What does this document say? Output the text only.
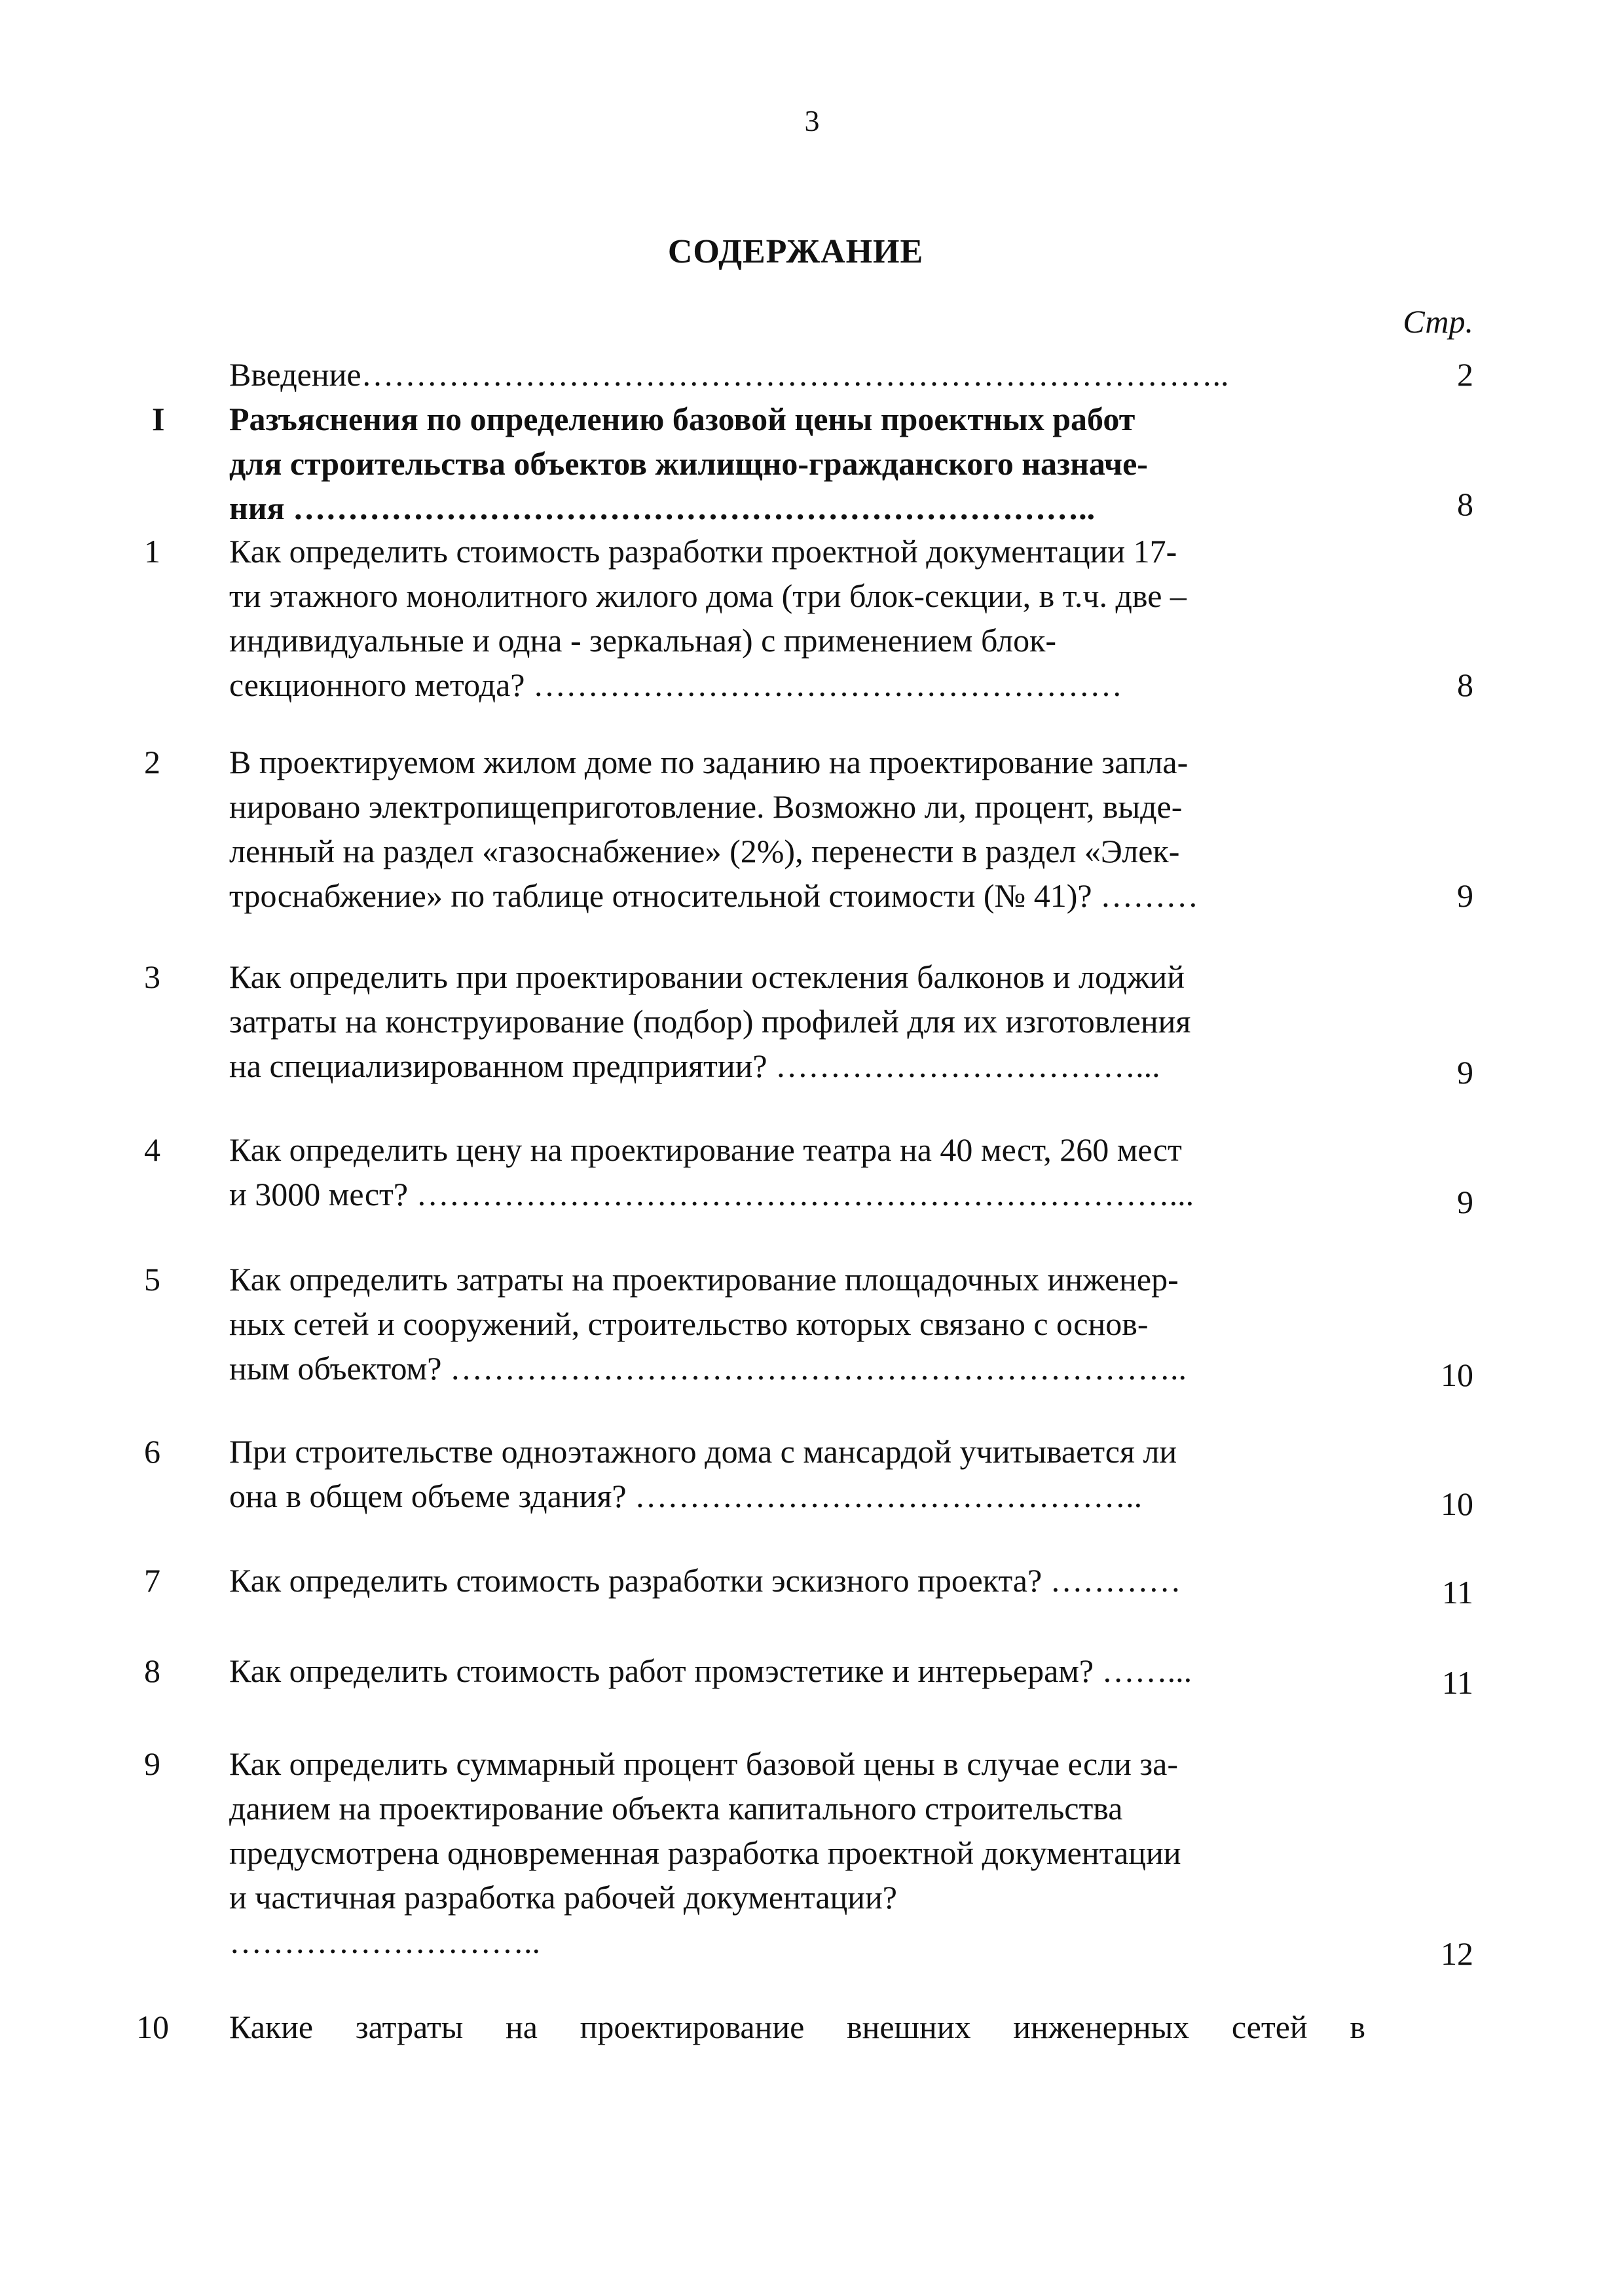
3
СОДЕРЖАНИЕ
Стр.
Введение……………………………………………………………………..	2
I	Разъяснения по определению базовой цены проектных работ
для строительства объектов жилищно-гражданского назначе-

ния ………………………………………………………………..	8
1	Как определить стоимость разработки проектной документации 17-
ти этажного монолитного жилого дома (три блок-секции, в т.ч. две –
индивидуальные и одна - зеркальная) с применением блок-

секционного метода? ………………………………………………	8
2	В проектируемом жилом доме по заданию на проектирование запла-
нировано электропищеприготовление. Возможно ли, процент, выде-
ленный на раздел «газоснабжение» (2%), перенести в раздел «Элек-

троснабжение» по таблице относительной стоимости (№ 41)? ………	9
3	Как определить при проектировании остекления балконов и лоджий
затраты на конструирование (подбор) профилей для их изготовления

на специализированном предприятии? ……………………………...	9
4	Как определить цену на проектирование театра на 40 мест, 260 мест

и 3000 мест? ……………………………………………………………...	9
5	Как определить затраты на проектирование площадочных инженер-
ных сетей и сооружений, строительство которых связано с основ-

ным объектом? …………………………………………………………..	10
6	При строительстве одноэтажного дома с мансардой учитывается ли

она в общем объеме здания? ………………………………………..	10
7	Как определить стоимость разработки эскизного проекта? …………	11
8	Как определить стоимость работ промэстетике и интерьерам? ……...	11
9	Как определить суммарный процент базовой цены в случае если за-
данием на проектирование объекта капитального строительства
предусмотрена одновременная разработка проектной документации
и частичная разработка рабочей документации?

………………………..	12
10	Какие затраты на проектирование внешних инженерных сетей в
